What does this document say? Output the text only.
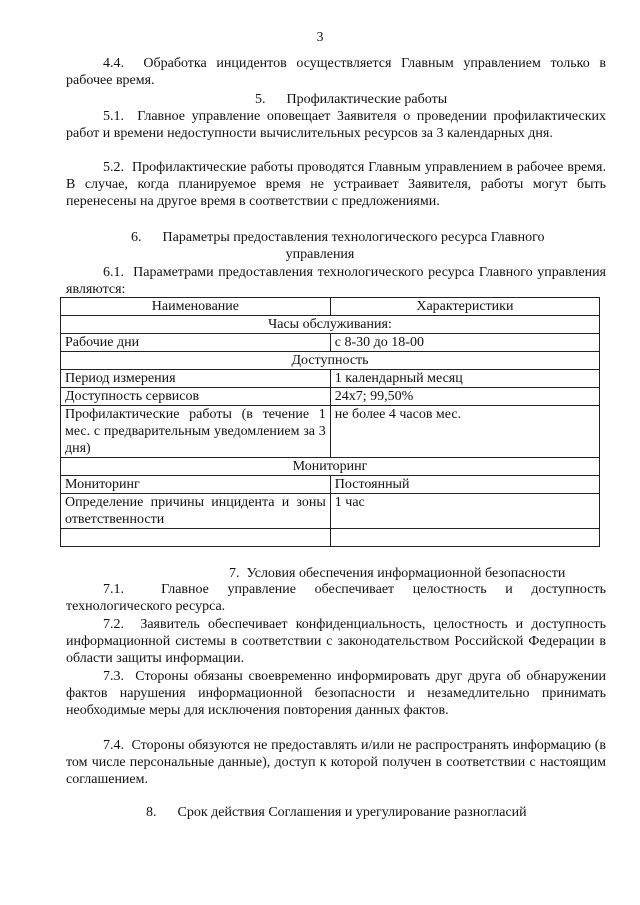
3
4.4.  Обработка инцидентов осуществляется Главным управлением только в рабочее время.
5.      Профилактические работы
5.1.  Главное управление оповещает Заявителя о проведении профилактических работ и времени недоступности вычислительных ресурсов за 3 календарных дня.
5.2.  Профилактические работы проводятся Главным управлением в рабочее время. В случае, когда планируемое время не устраивает Заявителя, работы могут быть перенесены на другое время в соответствии с предложениями.
6.      Параметры предоставления технологического ресурса Главного
управления
6.1.  Параметрами предоставления технологического ресурса Главного управления являются:
Наименование	Характеристики
Часы обслуживания:	
Рабочие дни	с 8-30 до 18-00
Доступность	
Период измерения	1 календарный месяц
Доступность сервисов	24х7; 99,50%
Профилактические работы (в течение 1 мес. с предварительным уведомлением за 3 дня)	не более 4 часов мес.
Мониторинг	
Мониторинг	Постоянный
Определение причины инцидента и зоны ответственности	1 час

7.  Условия обеспечения информационной безопасности
7.1.  Главное управление обеспечивает целостность и доступность технологического ресурса.
7.2.  Заявитель обеспечивает конфиденциальность, целостность и доступность информационной системы в соответствии с законодательством Российской Федерации в области защиты информации.
7.3.  Стороны обязаны своевременно информировать друг друга об обнаружении фактов нарушения информационной безопасности и незамедлительно принимать необходимые меры для исключения повторения данных фактов.
7.4.  Стороны обязуются не предоставлять и/или не распространять информацию (в том числе персональные данные), доступ к которой получен в соответствии с настоящим соглашением.
8.      Срок действия Соглашения и урегулирование разногласий
